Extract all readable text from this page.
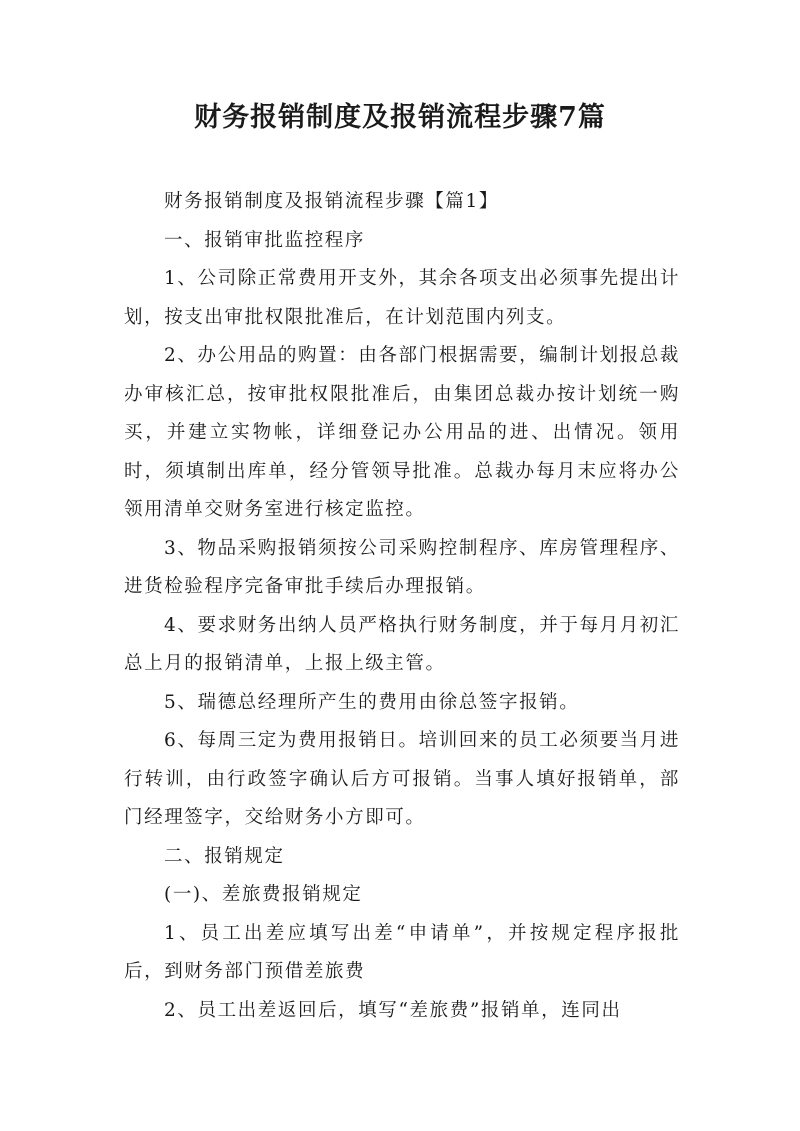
财务报销制度及报销流程步骤7篇

财务报销制度及报销流程步骤【篇1】

一、报销审批监控程序

1、公司除正常费用开支外，其余各项支出必须事先提出计划，按支出审批权限批准后，在计划范围内列支。

2、办公用品的购置：由各部门根据需要，编制计划报总裁办审核汇总，按审批权限批准后，由集团总裁办按计划统一购买，并建立实物帐，详细登记办公用品的进、出情况。领用时，须填制出库单，经分管领导批准。总裁办每月末应将办公领用清单交财务室进行核定监控。

3、物品采购报销须按公司采购控制程序、库房管理程序、进货检验程序完备审批手续后办理报销。

4、要求财务出纳人员严格执行财务制度，并于每月月初汇总上月的报销清单，上报上级主管。

5、瑞德总经理所产生的费用由徐总签字报销。

6、每周三定为费用报销日。培训回来的员工必须要当月进行转训，由行政签字确认后方可报销。当事人填好报销单，部门经理签字，交给财务小方即可。

二、报销规定

(一)、差旅费报销规定

1、员工出差应填写出差“申请单”，并按规定程序报批后，到财务部门预借差旅费

2、员工出差返回后，填写“差旅费”报销单，连同出
